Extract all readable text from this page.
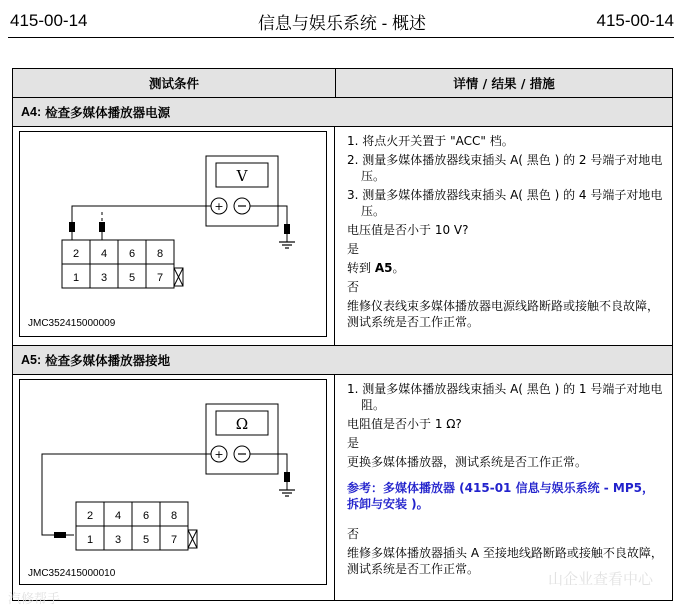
415-00-14	信息与娱乐系统 - 概述	415-00-14
测试条件	详情 / 结果 / 措施
A4: 检查多媒体播放器电源
V
+
2 4 6 8
1 3 5 7
JMC352415000009

1. 将点火开关置于 "ACC" 档。

2. 测量多媒体播放器线束插头 A( 黑色 ) 的 2 号端子对地电压。

3. 测量多媒体播放器线束插头 A( 黑色 ) 的 4 号端子对地电压。

电压值是否小于 10 V?

是

转到 A5。

否

维修仪表线束多媒体播放器电源线路断路或接触不良故障，测试系统是否工作正常。

A5: 检查多媒体播放器接地
Ω
+
2 4 6 8
1 3 5 7
JMC352415000010

1. 测量多媒体播放器线束插头 A( 黑色 ) 的 1 号端子对地电阻。

电阻值是否小于 1 Ω?

是

更换多媒体播放器，测试系统是否工作正常。

参考：多媒体播放器 (415-01 信息与娱乐系统 - MP5，拆卸与安装 )。

否

维修多媒体播放器插头 A 至接地线路断路或接触不良故障，测试系统是否工作正常。

汽修帮手
山企业查看中心
